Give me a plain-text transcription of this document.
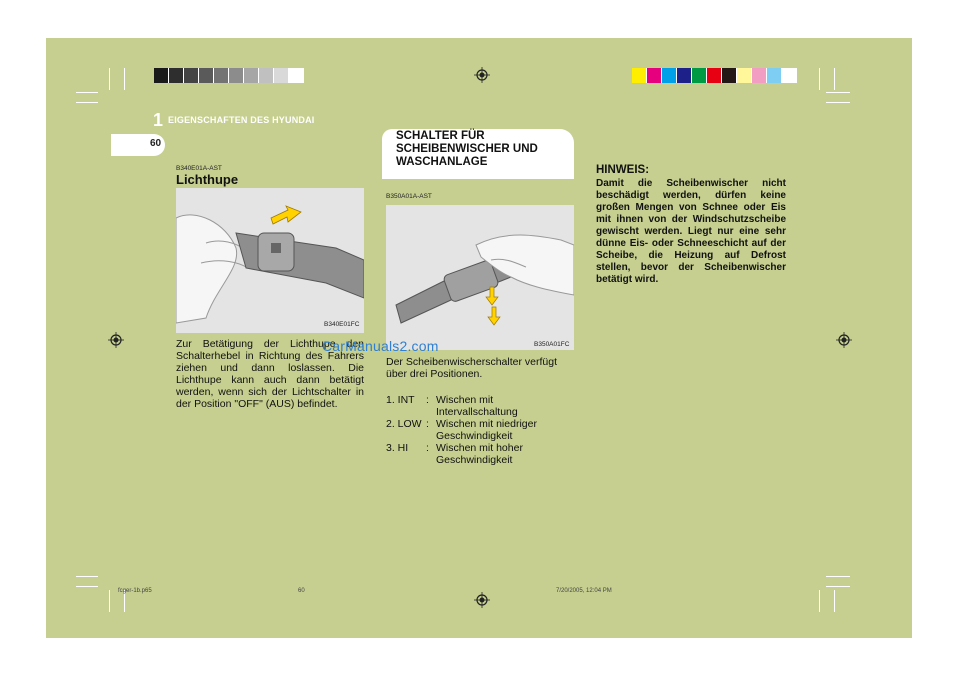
1 EIGENSCHAFTEN DES HYUNDAI
60
B340E01A-AST
Lichthupe
B340E01FC
Zur Betätigung der Lichthupe den Schalterhebel in Richtung des Fahrers ziehen und dann loslassen. Die Lichthupe kann auch dann betätigt werden, wenn sich der Lichtschalter in der Position "OFF" (AUS) befindet.
SCHALTER FÜR SCHEIBENWISCHER UND WASCHANLAGE
B350A01A-AST
B350A01FC
Der Scheibenwischerschalter verfügt über drei Positionen.
1. INT	: Wischen mit Intervallschaltung
2. LOW : Wischen mit niedriger Geschwindigkeit
3. HI	: Wischen mit hoher Geschwindigkeit
HINWEIS:
Damit die Scheibenwischer nicht beschädigt werden, dürfen keine großen Mengen von Schnee oder Eis mit ihnen von der Windschutzscheibe gewischt werden. Liegt nur eine sehr dünne Eis- oder Schneeschicht auf der Scheibe, die Heizung auf Defrost stellen, bevor der Scheibenwischer betätigt wird.
CarManuals2.com
fcger-1b.p65	60	7/20/2005, 12:04 PM
